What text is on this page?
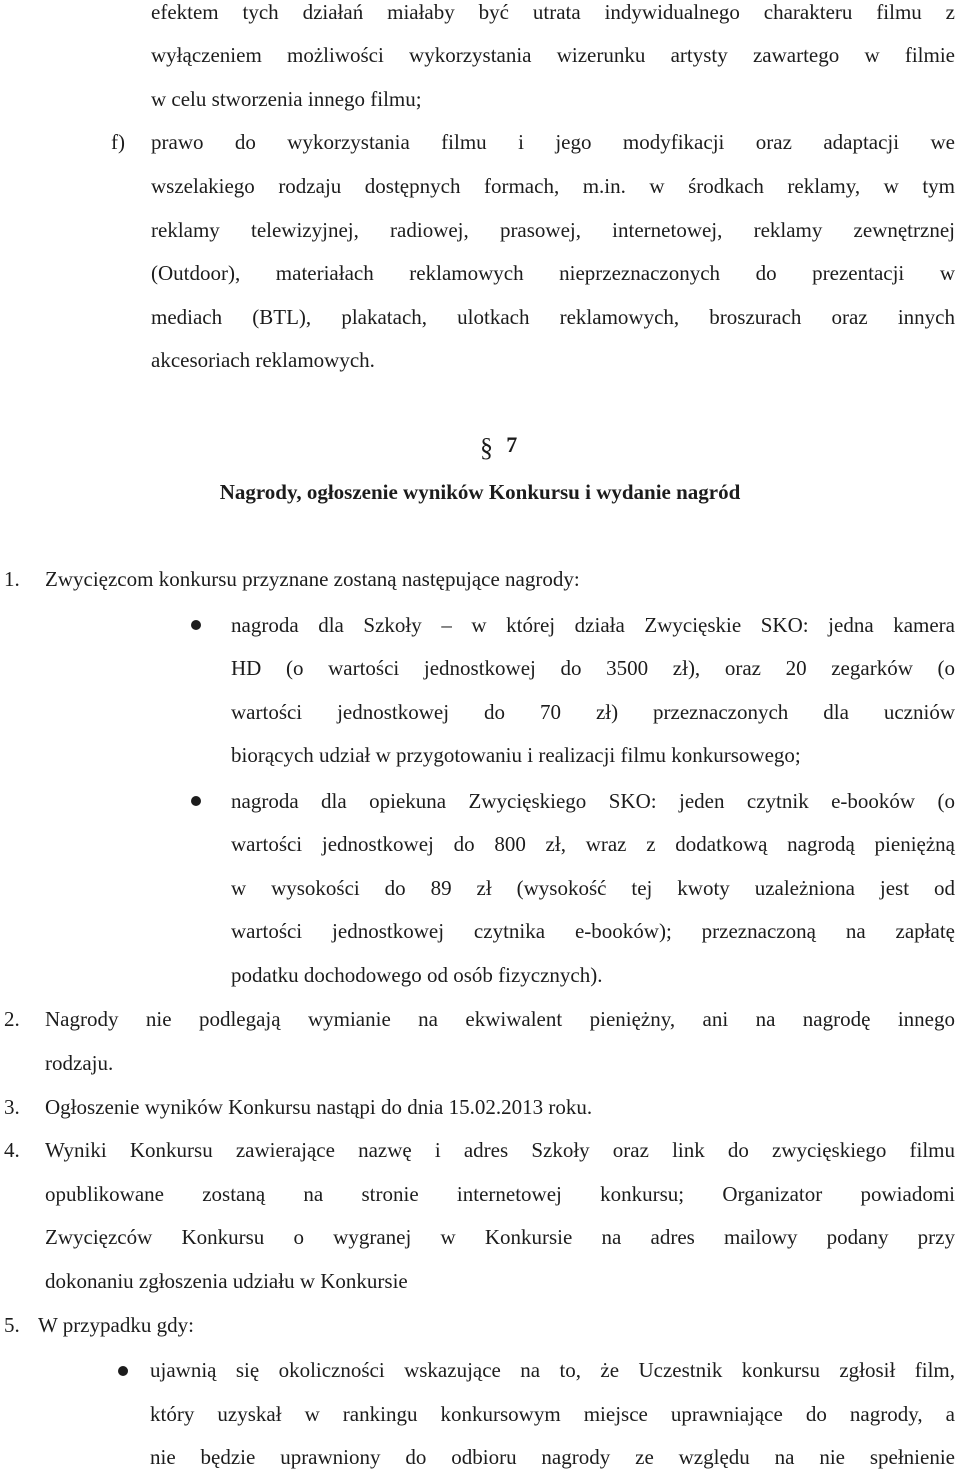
efektem tych działań miałaby być utrata indywidualnego charakteru filmu z
wyłączeniem możliwości wykorzystania wizerunku artysty zawartego w filmie
w celu stworzenia innego filmu;
f) prawo do wykorzystania filmu i jego modyfikacji oraz adaptacji we
wszelakiego rodzaju dostępnych formach, m.in. w środkach reklamy, w tym
reklamy telewizyjnej, radiowej, prasowej, internetowej, reklamy zewnętrznej
(Outdoor), materiałach reklamowych nieprzeznaczonych do prezentacji w
mediach (BTL), plakatach, ulotkach reklamowych, broszurach oraz innych
akcesoriach reklamowych.
§ 7
Nagrody, ogłoszenie wyników Konkursu i wydanie nagród
1. Zwycięzcom konkursu przyznane zostaną następujące nagrody:
nagroda dla Szkoły – w której działa Zwycięskie SKO: jedna kamera
HD (o wartości jednostkowej do 3500 zł), oraz 20 zegarków (o
wartości jednostkowej do 70 zł) przeznaczonych dla uczniów
biorących udział w przygotowaniu i realizacji filmu konkursowego;
nagroda dla opiekuna Zwycięskiego SKO: jeden czytnik e-booków (o
wartości jednostkowej do 800 zł, wraz z dodatkową nagrodą pieniężną
w wysokości do 89 zł (wysokość tej kwoty uzależniona jest od
wartości jednostkowej czytnika e-booków); przeznaczoną na zapłatę
podatku dochodowego od osób fizycznych).
2. Nagrody nie podlegają wymianie na ekwiwalent pieniężny, ani na nagrodę innego
rodzaju.
3. Ogłoszenie wyników Konkursu nastąpi do dnia 15.02.2013 roku.
4. Wyniki Konkursu zawierające nazwę i adres Szkoły oraz link do zwycięskiego filmu
opublikowane zostaną na stronie internetowej konkursu; Organizator powiadomi
Zwycięzców Konkursu o wygranej w Konkursie na adres mailowy podany przy
dokonaniu zgłoszenia udziału w Konkursie
5. W przypadku gdy:
ujawnią się okoliczności wskazujące na to, że Uczestnik konkursu zgłosił film,
który uzyskał w rankingu konkursowym miejsce uprawniające do nagrody, a
nie będzie uprawniony do odbioru nagrody ze względu na nie spełnienie
